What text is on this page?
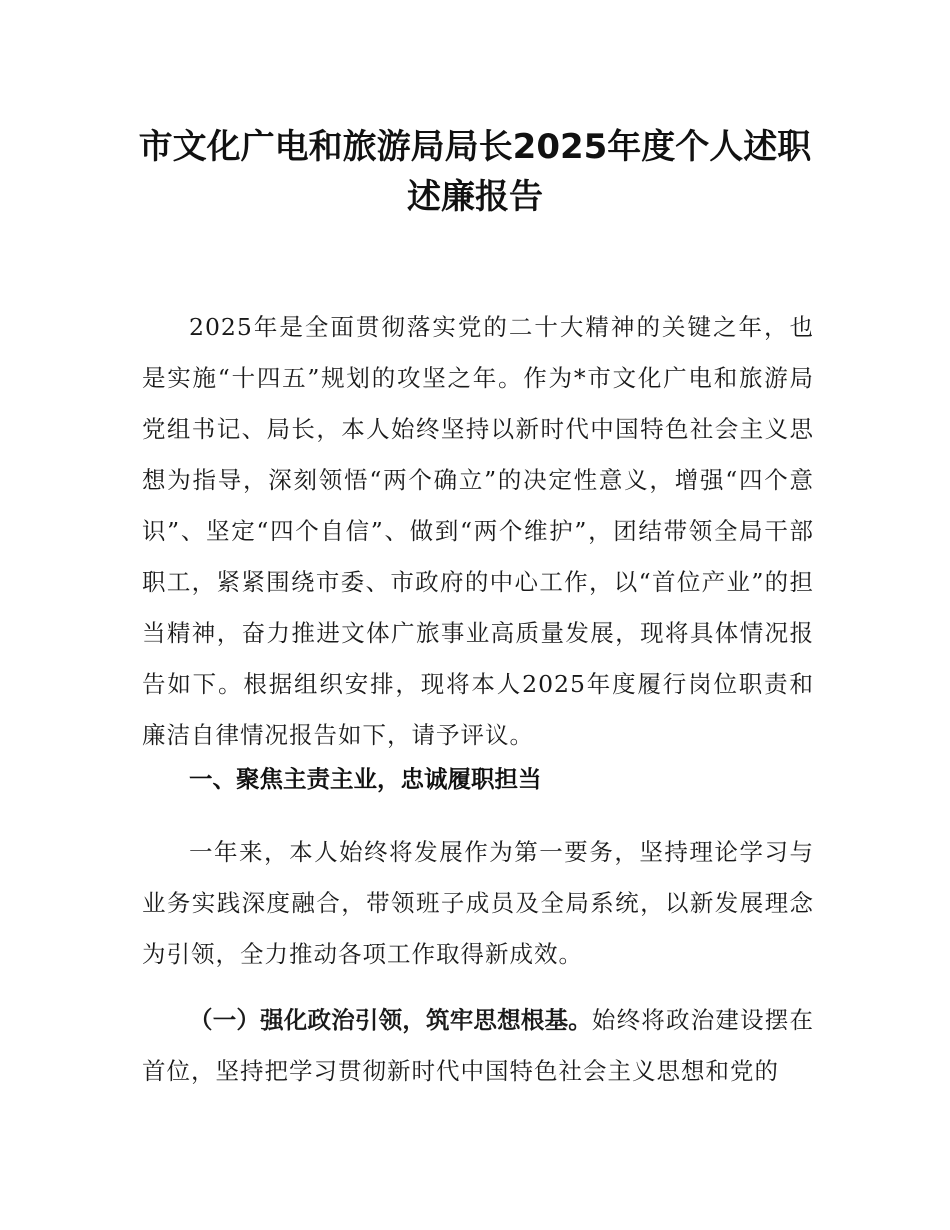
市文化广电和旅游局局长2025年度个人述职
述廉报告

2025年是全面贯彻落实党的二十大精神的关键之年，也是实施“十四五”规划的攻坚之年。作为*市文化广电和旅游局党组书记、局长，本人始终坚持以新时代中国特色社会主义思想为指导，深刻领悟“两个确立”的决定性意义，增强“四个意识”、坚定“四个自信”、做到“两个维护”，团结带领全局干部职工，紧紧围绕市委、市政府的中心工作，以“首位产业”的担当精神，奋力推进文体广旅事业高质量发展，现将具体情况报告如下。根据组织安排，现将本人2025年度履行岗位职责和廉洁自律情况报告如下，请予评议。

一、聚焦主责主业，忠诚履职担当

一年来，本人始终将发展作为第一要务，坚持理论学习与业务实践深度融合，带领班子成员及全局系统，以新发展理念为引领，全力推动各项工作取得新成效。

（一）强化政治引领，筑牢思想根基。始终将政治建设摆在首位，坚持把学习贯彻新时代中国特色社会主义思想和党的
